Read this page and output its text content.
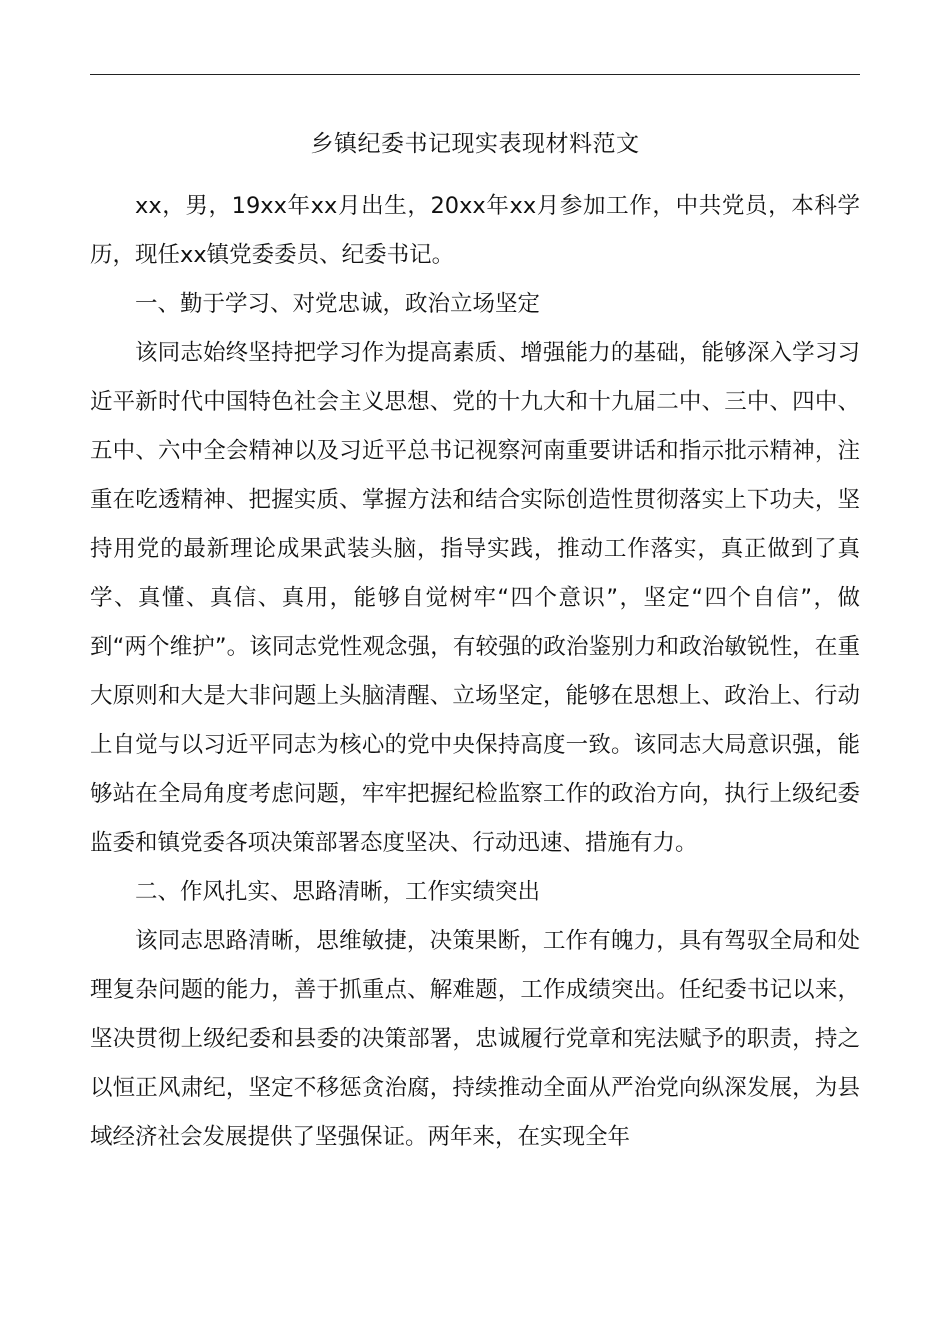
乡镇纪委书记现实表现材料范文

xx，男，19xx年xx月出生，20xx年xx月参加工作，中共党员，本科学历，现任xx镇党委委员、纪委书记。

一、勤于学习、对党忠诚，政治立场坚定

该同志始终坚持把学习作为提高素质、增强能力的基础，能够深入学习习近平新时代中国特色社会主义思想、党的十九大和十九届二中、三中、四中、五中、六中全会精神以及习近平总书记视察河南重要讲话和指示批示精神，注重在吃透精神、把握实质、掌握方法和结合实际创造性贯彻落实上下功夫，坚持用党的最新理论成果武装头脑，指导实践，推动工作落实，真正做到了真学、真懂、真信、真用，能够自觉树牢“四个意识”，坚定“四个自信”，做到“两个维护”。该同志党性观念强，有较强的政治鉴别力和政治敏锐性，在重大原则和大是大非问题上头脑清醒、立场坚定，能够在思想上、政治上、行动上自觉与以习近平同志为核心的党中央保持高度一致。该同志大局意识强，能够站在全局角度考虑问题，牢牢把握纪检监察工作的政治方向，执行上级纪委监委和镇党委各项决策部署态度坚决、行动迅速、措施有力。

二、作风扎实、思路清晰，工作实绩突出

该同志思路清晰，思维敏捷，决策果断，工作有魄力，具有驾驭全局和处理复杂问题的能力，善于抓重点、解难题，工作成绩突出。任纪委书记以来，坚决贯彻上级纪委和县委的决策部署，忠诚履行党章和宪法赋予的职责，持之以恒正风肃纪，坚定不移惩贪治腐，持续推动全面从严治党向纵深发展，为县域经济社会发展提供了坚强保证。两年来，在实现全年
